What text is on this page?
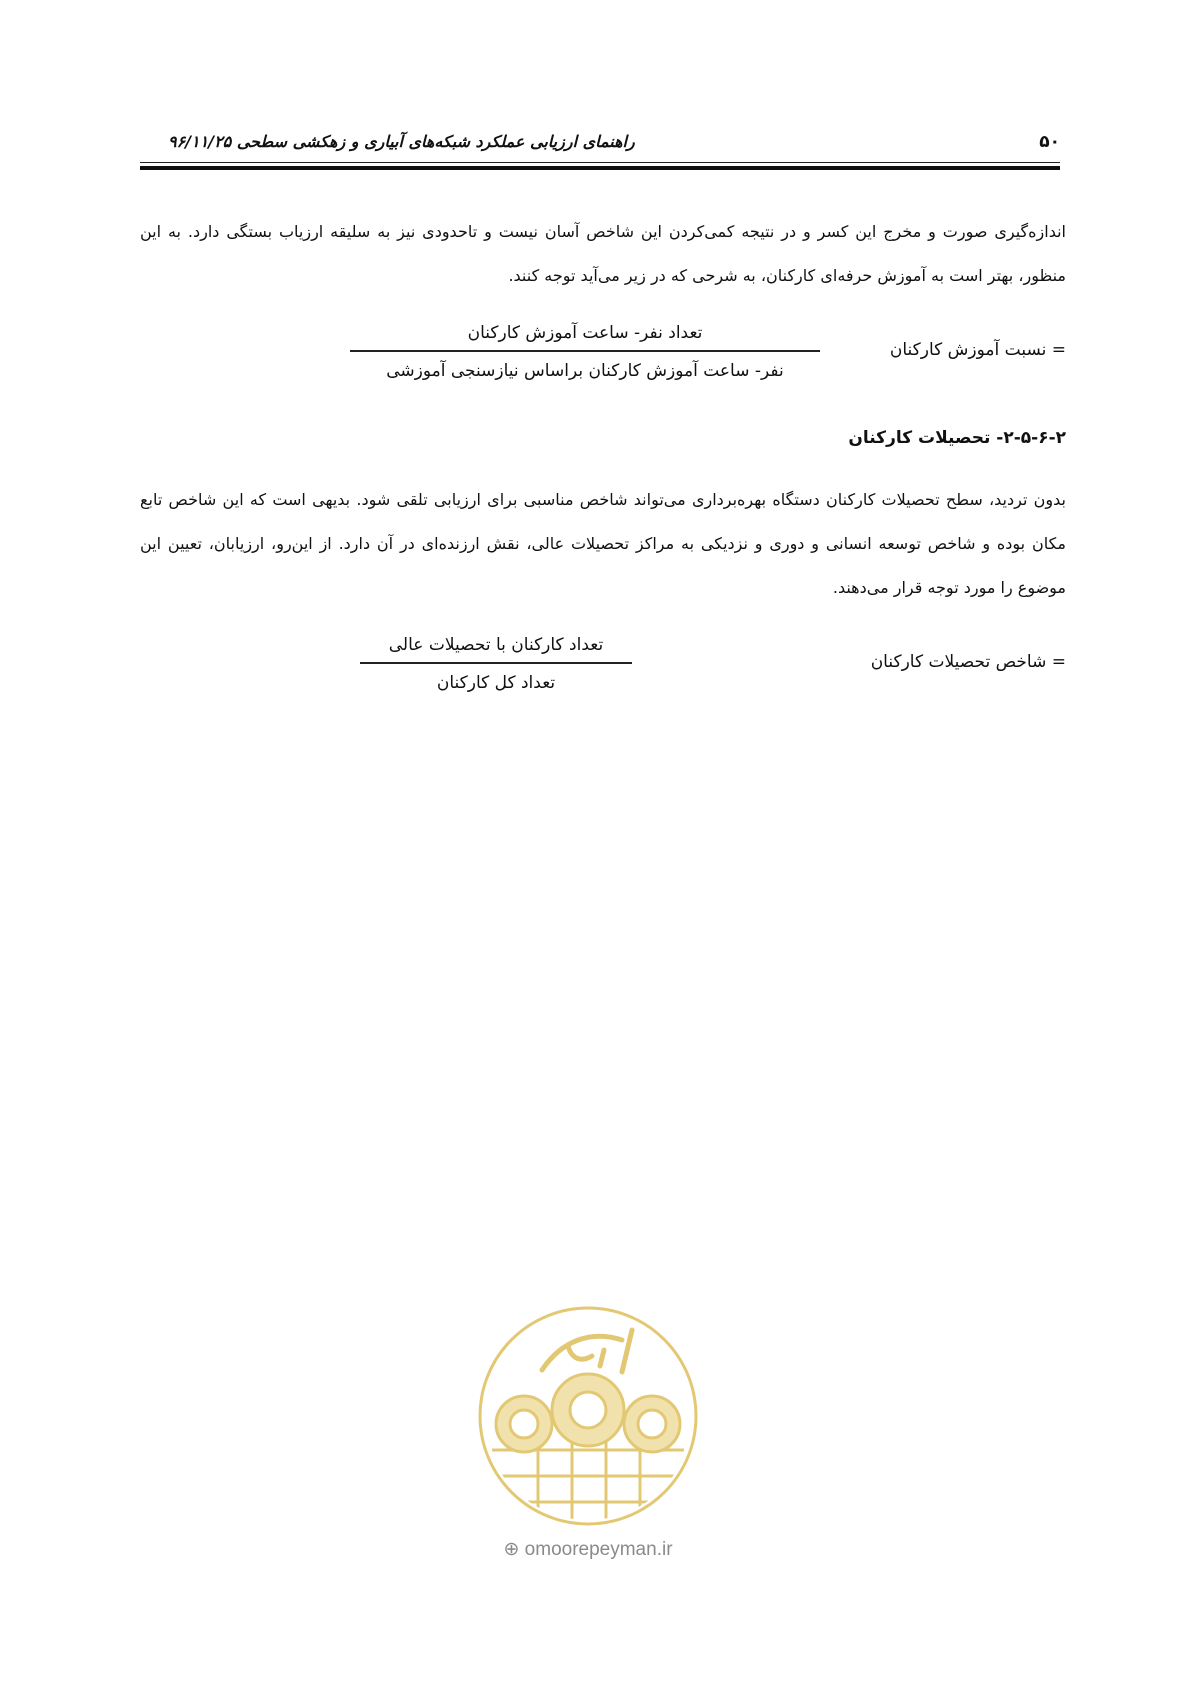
۵۰
راهنمای ارزیابی عملکرد شبکه‌های آبیاری و زهکشی سطحی ۹۶/۱۱/۲۵

اندازه‌گیری صورت و مخرج این کسر و در نتیجه کمی‌کردن این شاخص آسان نیست و تاحدودی نیز به سلیقه ارزیاب بستگی دارد. به این منظور، بهتر است به آموزش حرفه‌ای کارکنان، به شرحی که در زیر می‌آید توجه کنند.

= نسبت آموزش کارکنان
تعداد نفر- ساعت آموزش کارکنان
نفر- ساعت آموزش کارکنان براساس نیازسنجی آموزشی
۲-۵-۶-۲- تحصیلات کارکنان

بدون تردید، سطح تحصیلات کارکنان دستگاه بهره‌برداری می‌تواند شاخص مناسبی برای ارزیابی تلقی شود. بدیهی است که این شاخص تابع مکان بوده و شاخص توسعه انسانی و دوری و نزدیکی به مراکز تحصیلات عالی، نقش ارزنده‌ای در آن دارد. از این‌رو، ارزیابان، تعیین این موضوع را مورد توجه قرار می‌دهند.

= شاخص تحصیلات کارکنان
تعداد کارکنان با تحصیلات عالی
تعداد کل کارکنان
⊕ omoorepeyman.ir
